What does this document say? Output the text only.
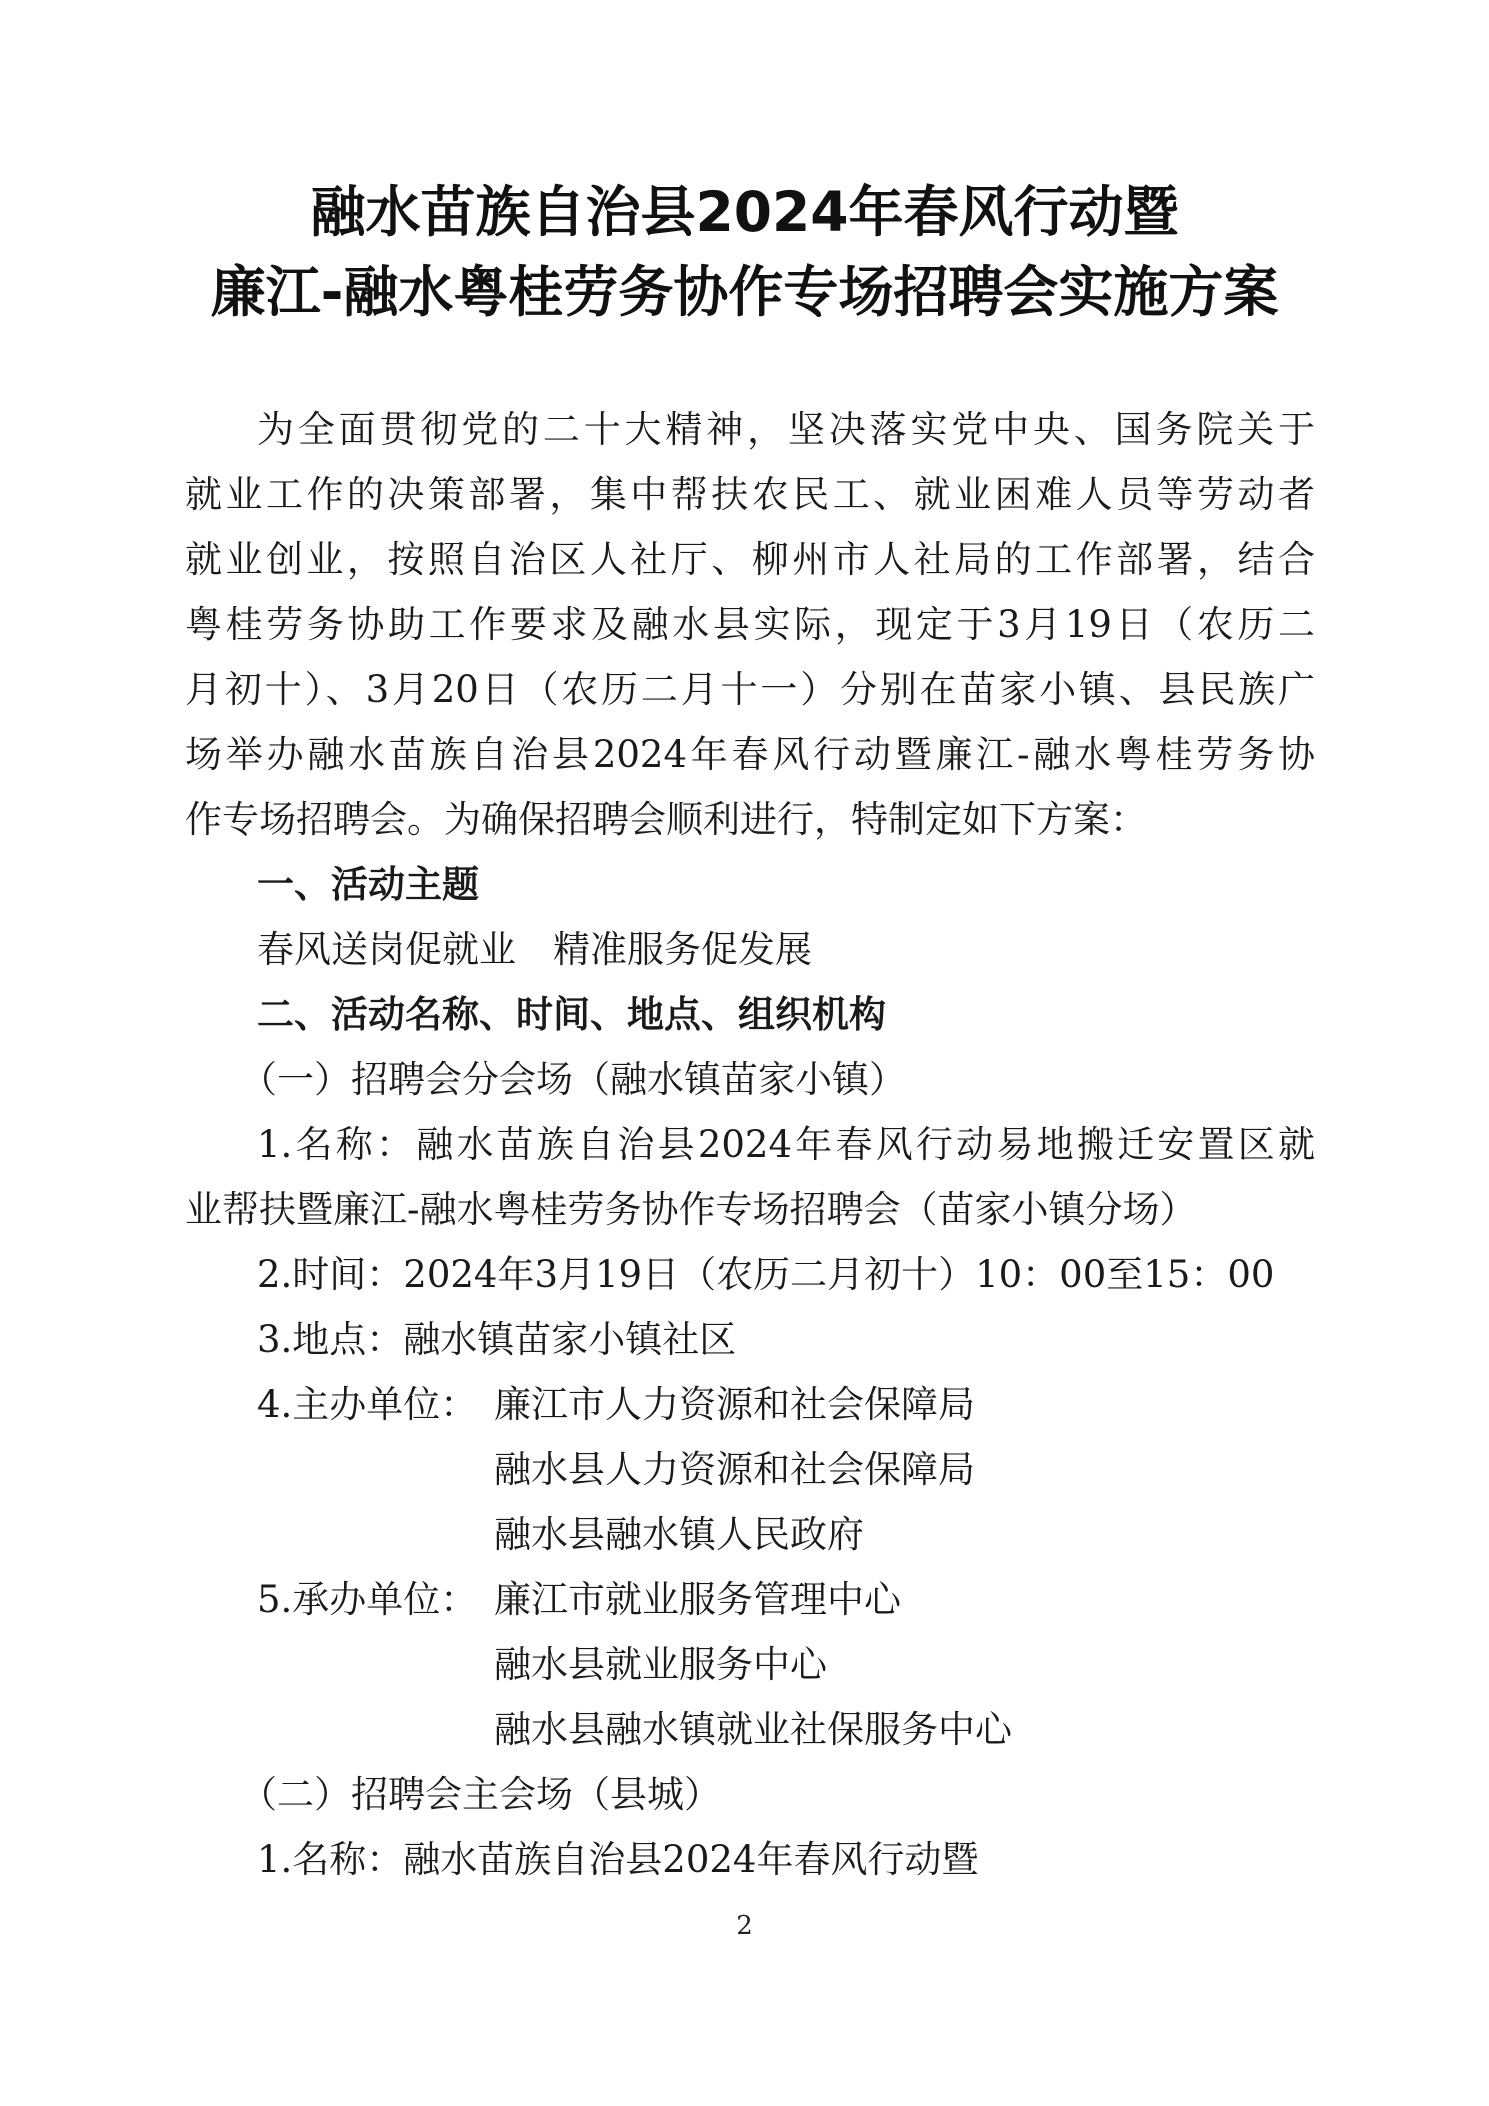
融水苗族自治县2024年春风行动暨
廉江-融水粤桂劳务协作专场招聘会实施方案
为全面贯彻党的二十大精神，坚决落实党中央、国务院关于
就业工作的决策部署，集中帮扶农民工、就业困难人员等劳动者
就业创业，按照自治区人社厅、柳州市人社局的工作部署，结合
粤桂劳务协助工作要求及融水县实际，现定于3月19日（农历二
月初十）、3月20日（农历二月十一）分别在苗家小镇、县民族广
场举办融水苗族自治县2024年春风行动暨廉江-融水粤桂劳务协
作专场招聘会。为确保招聘会顺利进行，特制定如下方案：
一、活动主题
春风送岗促就业　精准服务促发展
二、活动名称、时间、地点、组织机构
（一）招聘会分会场（融水镇苗家小镇）
1.名称：融水苗族自治县2024年春风行动易地搬迁安置区就
业帮扶暨廉江-融水粤桂劳务协作专场招聘会（苗家小镇分场）
2.时间：2024年3月19日（农历二月初十）10：00至15：00
3.地点：融水镇苗家小镇社区
4.主办单位： 廉江市人力资源和社会保障局
融水县人力资源和社会保障局
融水县融水镇人民政府
5.承办单位： 廉江市就业服务管理中心
融水县就业服务中心
融水县融水镇就业社保服务中心
（二）招聘会主会场（县城）
1.名称：融水苗族自治县2024年春风行动暨
2
